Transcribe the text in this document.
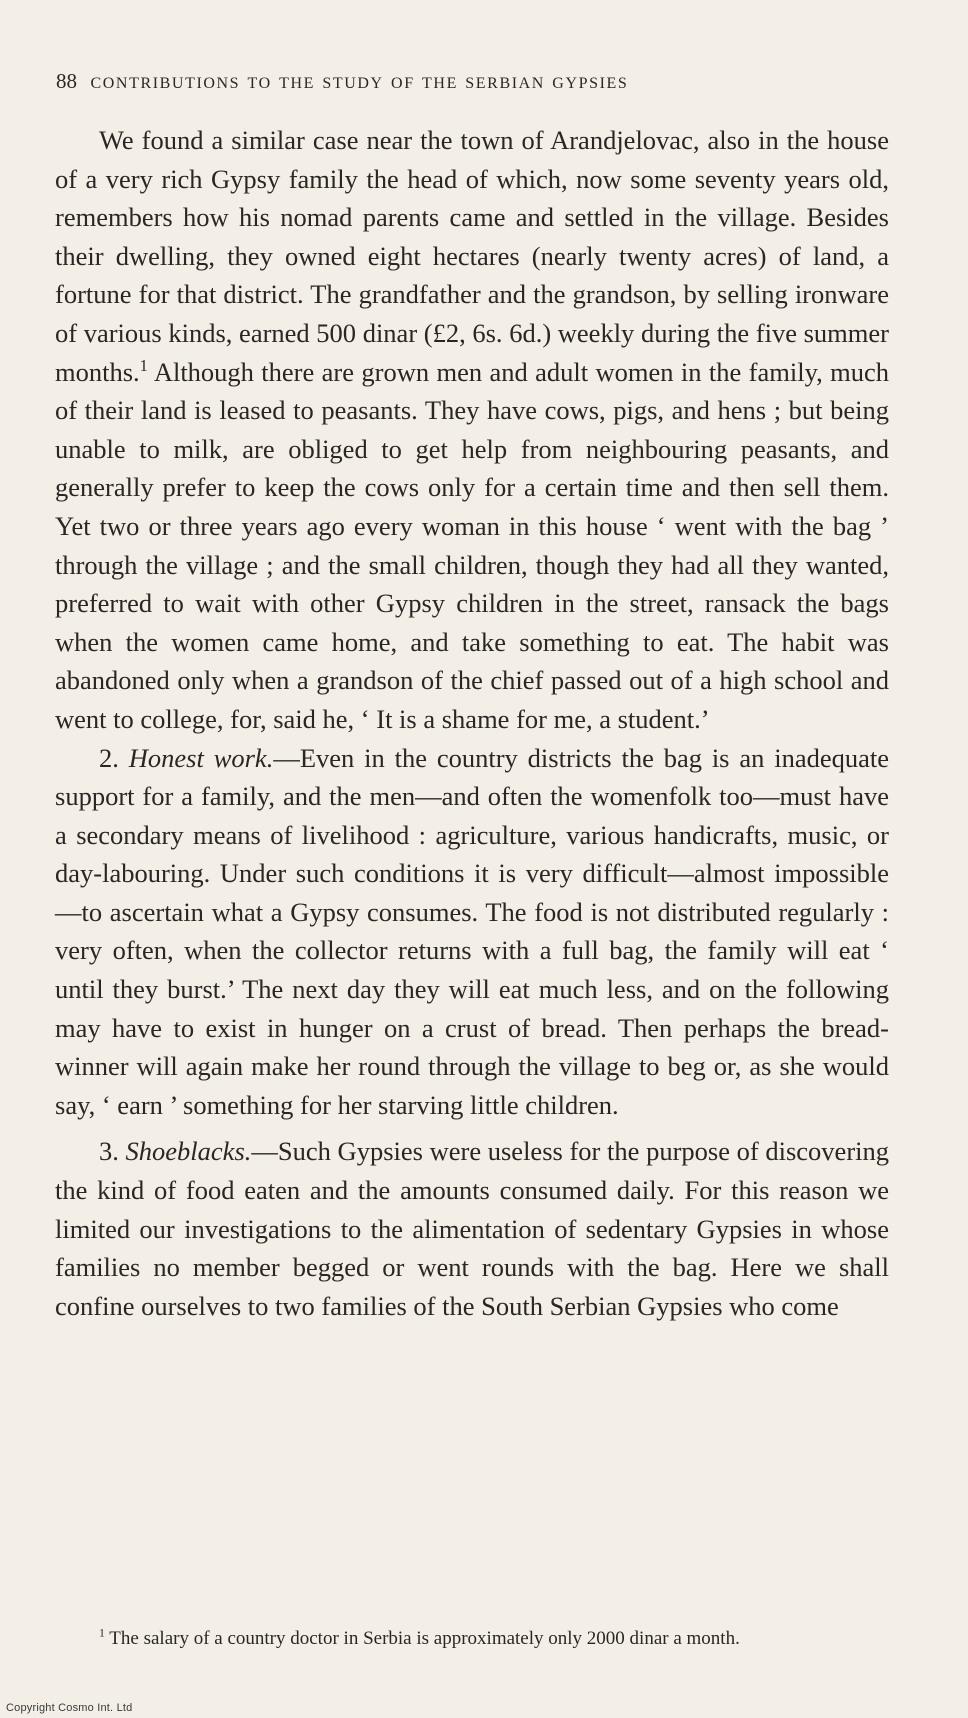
88 contributions to the study of the serbian gypsies

We found a similar case near the town of Arandjelovac, also in the house of a very rich Gypsy family the head of which, now some seventy years old, remembers how his nomad parents came and settled in the village. Besides their dwelling, they owned eight hectares (nearly twenty acres) of land, a fortune for that district. The grandfather and the grandson, by selling ironware of various kinds, earned 500 dinar (£2, 6s. 6d.) weekly during the five summer months.$^1$ Although there are grown men and adult women in the family, much of their land is leased to peasants. They have cows, pigs, and hens ; but being unable to milk, are obliged to get help from neighbouring peasants, and generally prefer to keep the cows only for a certain time and then sell them. Yet two or three years ago every woman in this house ‘ went with the bag ’ through the village ; and the small children, though they had all they wanted, preferred to wait with other Gypsy children in the street, ransack the bags when the women came home, and take something to eat. The habit was abandoned only when a grandson of the chief passed out of a high school and went to college, for, said he, ‘ It is a shame for me, a student.’

2. Honest work.—Even in the country districts the bag is an inadequate support for a family, and the men—and often the womenfolk too—must have a secondary means of livelihood : agriculture, various handicrafts, music, or day-labouring. Under such conditions it is very difficult—almost impossible—to ascertain what a Gypsy consumes. The food is not distributed regularly : very often, when the collector returns with a full bag, the family will eat ‘ until they burst.’ The next day they will eat much less, and on the following may have to exist in hunger on a crust of bread. Then perhaps the bread-winner will again make her round through the village to beg or, as she would say, ‘ earn ’ something for her starving little children.

3. Shoeblacks.—Such Gypsies were useless for the purpose of discovering the kind of food eaten and the amounts consumed daily. For this reason we limited our investigations to the alimentation of sedentary Gypsies in whose families no member begged or went rounds with the bag. Here we shall confine ourselves to two families of the South Serbian Gypsies who come

$^1$ The salary of a country doctor in Serbia is approximately only 2000 dinar a month.

Copyright Cosmo Int. Ltd
